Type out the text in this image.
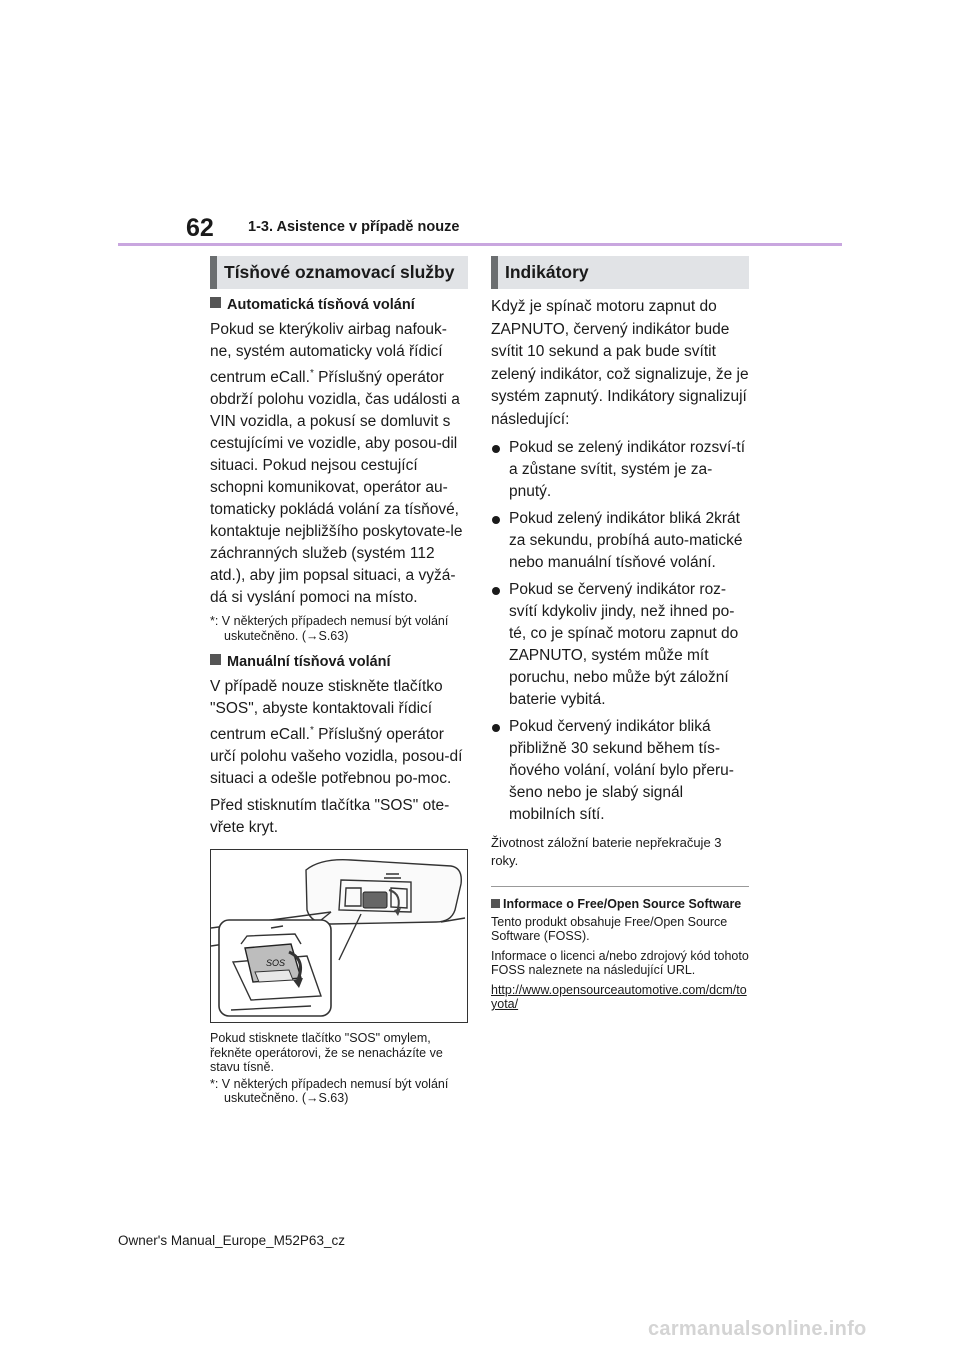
62 1-3. Asistence v případě nouze
Tísňové oznamovací služby	Indikátory

Automatická tísňová volání

Pokud se kterýkoliv airbag nafouk-ne, systém automaticky volá řídicí centrum eCall.* Příslušný operátor obdrží polohu vozidla, čas události a VIN vozidla, a pokusí se domluvit s cestujícími ve vozidle, aby posou-dil situaci. Pokud nejsou cestující schopni komunikovat, operátor au-tomaticky pokládá volání za tísňové, kontaktuje nejbližšího poskytovate-le záchranných služeb (systém 112 atd.), aby jim popsal situaci, a vyžá-dá si vyslání pomoci na místo.

*: V některých případech nemusí být volání uskutečněno. (→S.63)

Manuální tísňová volání

V případě nouze stiskněte tlačítko "SOS", abyste kontaktovali řídicí centrum eCall.* Příslušný operátor určí polohu vašeho vozidla, posou-dí situaci a odešle potřebnou po-moc.

Před stisknutím tlačítka "SOS" ote-vřete kryt.

SOS

Pokud stisknete tlačítko "SOS" omylem, řekněte operátorovi, že se nenacházíte ve stavu tísně.

*: V některých případech nemusí být volání uskutečněno. (→S.63)

Když je spínač motoru zapnut do ZAPNUTO, červený indikátor bude svítit 10 sekund a pak bude svítit zelený indikátor, což signalizuje, že je systém zapnutý. Indikátory signalizují následující:

Pokud se zelený indikátor rozsví-tí a zůstane svítit, systém je za-pnutý.
Pokud zelený indikátor bliká 2krát za sekundu, probíhá auto-matické nebo manuální tísňové volání.
Pokud se červený indikátor roz-svítí kdykoliv jindy, než ihned po-té, co je spínač motoru zapnut do ZAPNUTO, systém může mít poruchu, nebo může být záložní baterie vybitá.
Pokud červený indikátor bliká přibližně 30 sekund během tís-ňového volání, volání bylo přeru-šeno nebo je slabý signál mobilních sítí.

Životnost záložní baterie nepřekračuje 3 roky.

Informace o Free/Open Source Software

Tento produkt obsahuje Free/Open Source Software (FOSS).

Informace o licenci a/nebo zdrojový kód tohoto FOSS naleznete na následující URL.

http://www.opensourceautomotive.com/dcm/toyota/
Owner's Manual_Europe_M52P63_cz
carmanualsonline.info
